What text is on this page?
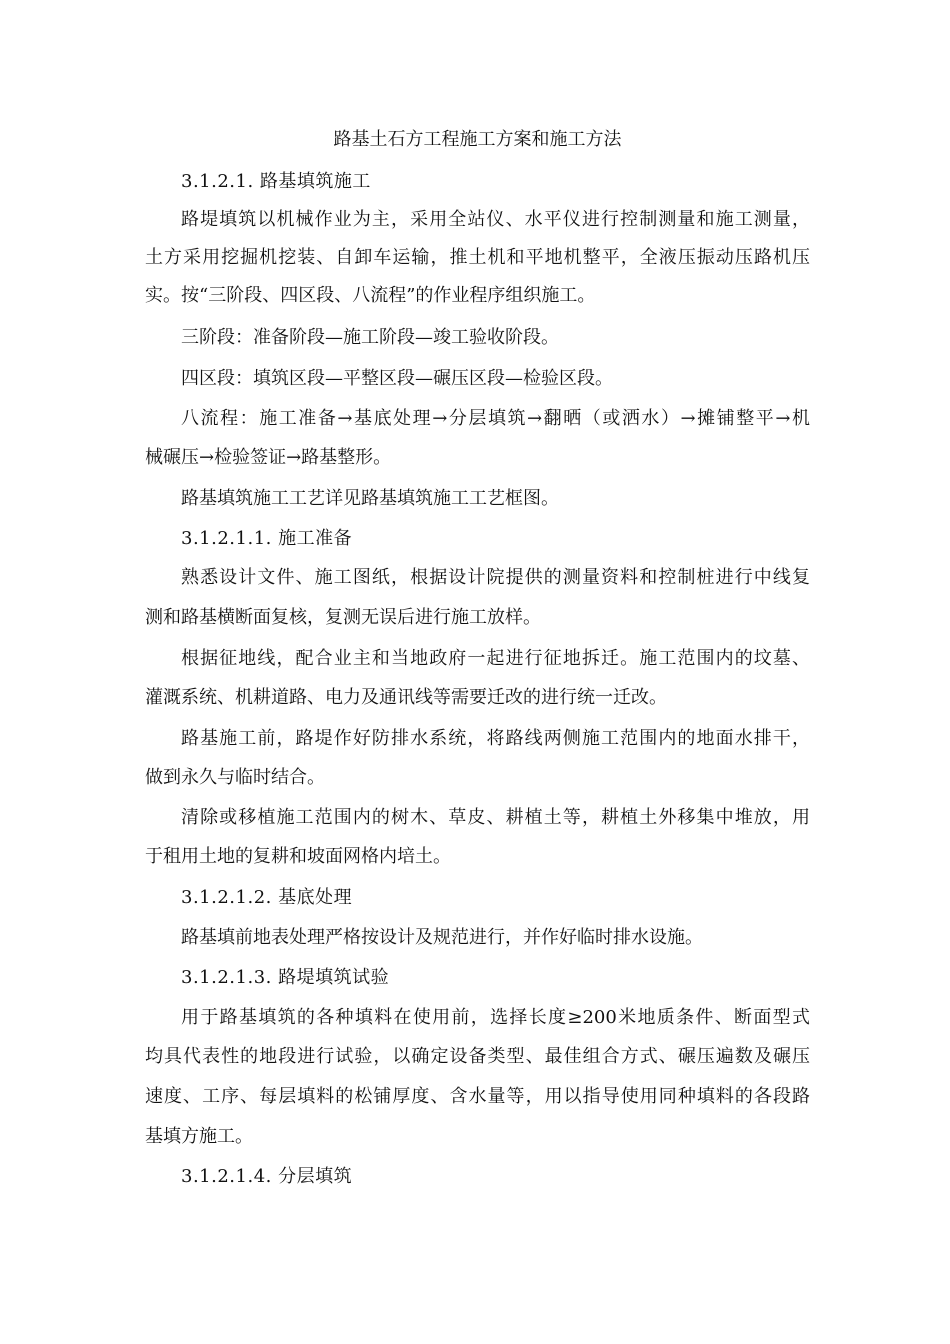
路基土石方工程施工方案和施工方法
3.1.2.1. 路基填筑施工
路堤填筑以机械作业为主，采用全站仪、水平仪进行控制测量和施工测量，
土方采用挖掘机挖装、自卸车运输，推土机和平地机整平，全液压振动压路机压
实。按“三阶段、四区段、八流程”的作业程序组织施工。
三阶段：准备阶段—施工阶段—竣工验收阶段。
四区段：填筑区段—平整区段—碾压区段—检验区段。
八流程：施工准备→基底处理→分层填筑→翻晒（或洒水）→摊铺整平→机
械碾压→检验签证→路基整形。
路基填筑施工工艺详见路基填筑施工工艺框图。
3.1.2.1.1. 施工准备
熟悉设计文件、施工图纸，根据设计院提供的测量资料和控制桩进行中线复
测和路基横断面复核，复测无误后进行施工放样。
根据征地线，配合业主和当地政府一起进行征地拆迁。施工范围内的坟墓、
灌溉系统、机耕道路、电力及通讯线等需要迁改的进行统一迁改。
路基施工前，路堤作好防排水系统，将路线两侧施工范围内的地面水排干，
做到永久与临时结合。
清除或移植施工范围内的树木、草皮、耕植土等，耕植土外移集中堆放，用
于租用土地的复耕和坡面网格内培土。
3.1.2.1.2. 基底处理
路基填前地表处理严格按设计及规范进行，并作好临时排水设施。
3.1.2.1.3. 路堤填筑试验
用于路基填筑的各种填料在使用前，选择长度≥200米地质条件、断面型式
均具代表性的地段进行试验，以确定设备类型、最佳组合方式、碾压遍数及碾压
速度、工序、每层填料的松铺厚度、含水量等，用以指导使用同种填料的各段路
基填方施工。
3.1.2.1.4. 分层填筑
